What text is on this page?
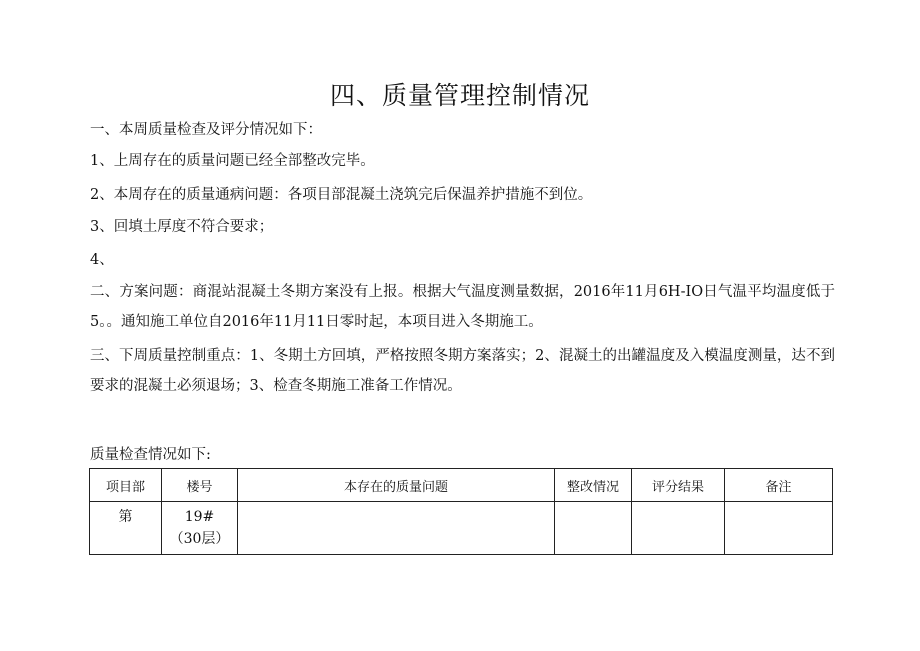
四、质量管理控制情况
一、本周质量检查及评分情况如下：
1、上周存在的质量问题已经全部整改完毕。
2、本周存在的质量通病问题：各项目部混凝土浇筑完后保温养护措施不到位。
3、回填土厚度不符合要求；
4、
二、方案问题：商混站混凝土冬期方案没有上报。根据大气温度测量数据，2016年11月6H-IO日气温平均温度低于5。。通知施工单位自2016年11月11日零时起，本项目进入冬期施工。
三、下周质量控制重点：1、冬期土方回填，严格按照冬期方案落实；2、混凝土的出罐温度及入模温度测量，达不到要求的混凝土必须退场；3、检查冬期施工准备工作情况。
质量检查情况如下:
项目部	楼号	本存在的质量问题	整改情况	评分结果	备注
第	19#
（30层）				
